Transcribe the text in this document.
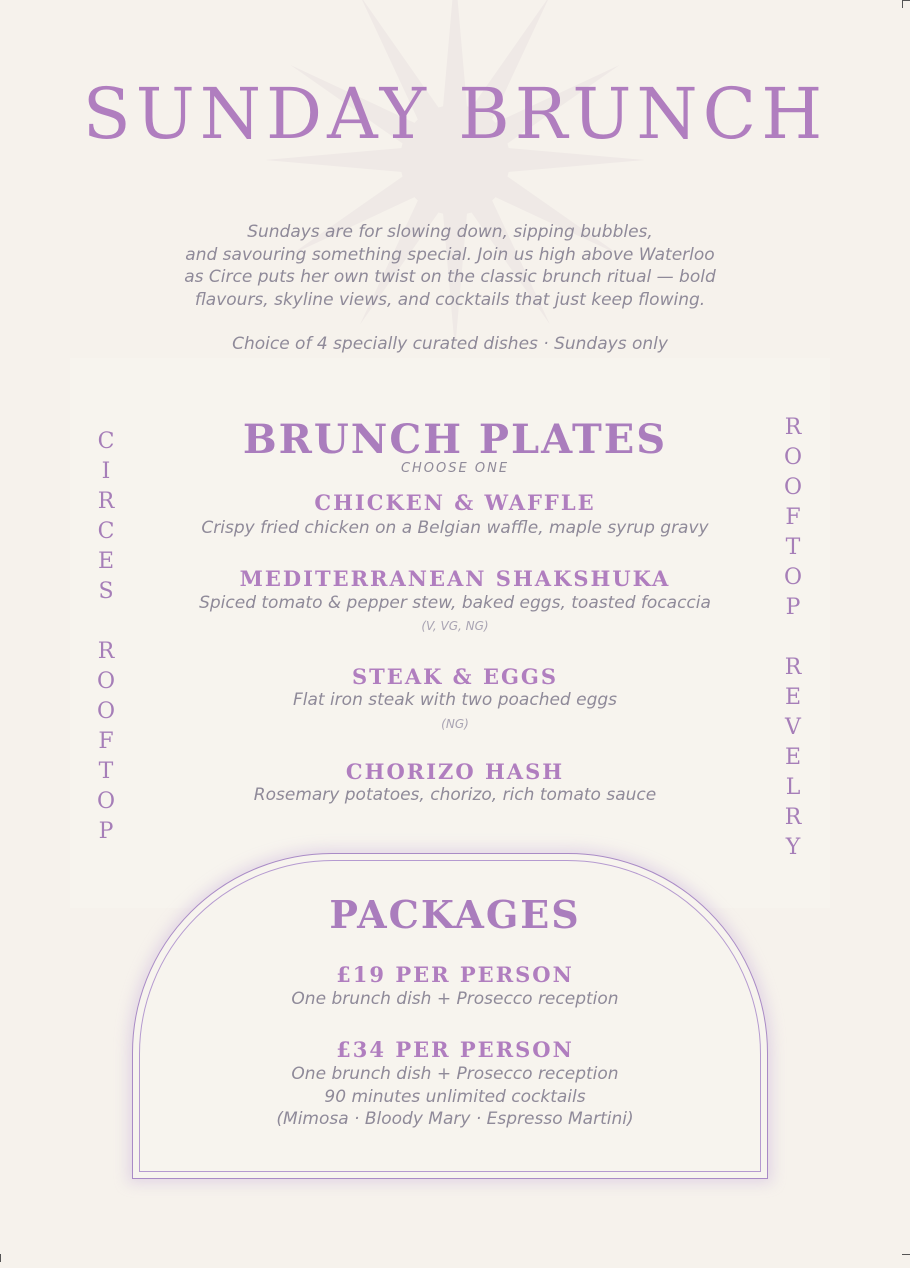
SUNDAY BRUNCH

Sundays are for slowing down, sipping bubbles,

and savouring something special. Join us high above Waterloo

as Circe puts her own twist on the classic brunch ritual — bold

flavours, skyline views, and cocktails that just keep flowing.

Choice of 4 specially curated dishes · Sundays only

C
I
R
C
E
S
R
O
O
F
T
O
P
R
O
O
F
T
O
P
R
E
V
E
L
R
Y
BRUNCH PLATES
CHOOSE ONE
CHICKEN & WAFFLE
Crispy fried chicken on a Belgian waffle, maple syrup gravy
MEDITERRANEAN SHAKSHUKA
Spiced tomato & pepper stew, baked eggs, toasted focaccia
(V, VG, NG)
STEAK & EGGS
Flat iron steak with two poached eggs
(NG)
CHORIZO HASH
Rosemary potatoes, chorizo, rich tomato sauce
PACKAGES
£19 PER PERSON

One brunch dish + Prosecco reception

£34 PER PERSON

One brunch dish + Prosecco reception

90 minutes unlimited cocktails

(Mimosa · Bloody Mary · Espresso Martini)
